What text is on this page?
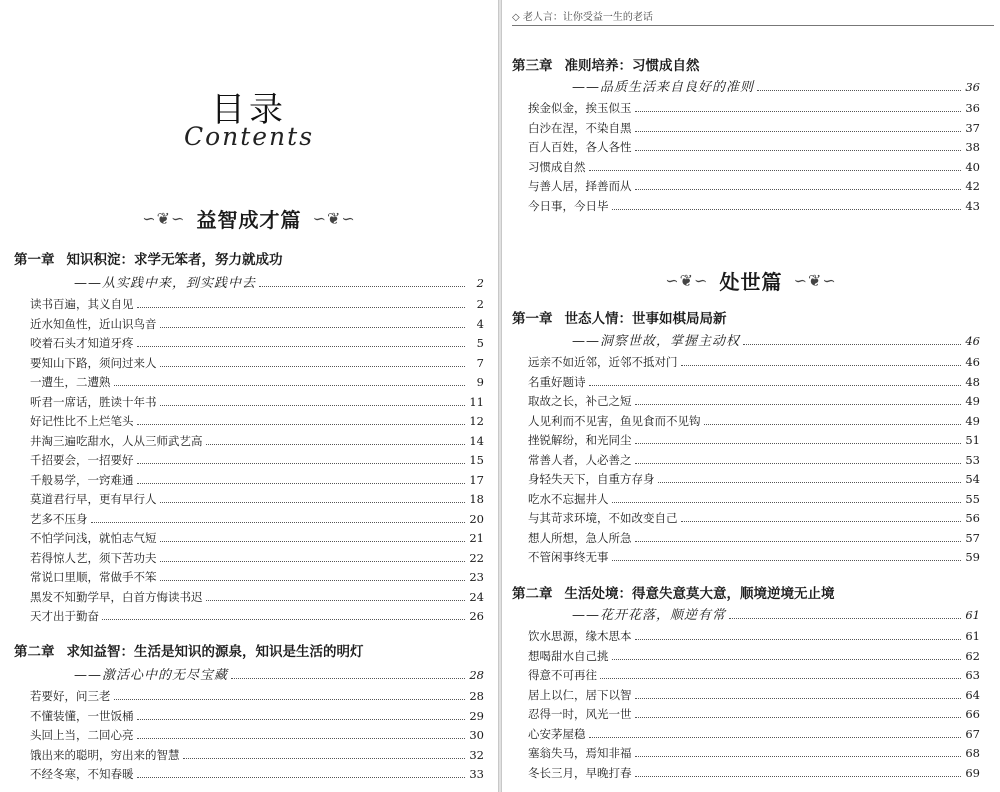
目录
Contents
∽❦∽ 益智成才篇 ∽❦∽
第一章 知识积淀：求学无笨者，努力就成功
——从实践中来，到实践中去	2
读书百遍，其义自见	2
近水知鱼性，近山识鸟音	4
咬着石头才知道牙疼	5
要知山下路，须问过来人	7
一遭生，二遭熟	9
听君一席话，胜读十年书	11
好记性比不上烂笔头	12
井淘三遍吃甜水，人从三师武艺高	14
千招要会，一招要好	15
千般易学，一窍难通	17
莫道君行早，更有早行人	18
艺多不压身	20
不怕学问浅，就怕志气短	21
若得惊人艺，须下苦功夫	22
常说口里顺，常做手不笨	23
黑发不知勤学早，白首方悔读书迟	24
天才出于勤奋	26
第二章 求知益智：生活是知识的源泉，知识是生活的明灯
——激活心中的无尽宝藏	28
若要好，问三老	28
不懂装懂，一世饭桶	29
头回上当，二回心亮	30
饿出来的聪明，穷出来的智慧	32
不经冬寒，不知春暖	33
◇ 老人言：让你受益一生的老话
第三章 准则培养：习惯成自然
——品质生活来自良好的准则	36
挨金似金，挨玉似玉	36
白沙在涅，不染自黑	37
百人百姓，各人各性	38
习惯成自然	40
与善人居，择善而从	42
今日事，今日毕	43
∽❦∽ 处世篇 ∽❦∽
第一章 世态人情：世事如棋局局新
——洞察世故，掌握主动权	46
远亲不如近邻，近邻不抵对门	46
名重好题诗	48
取故之长，补己之短	49
人见利而不见害，鱼见食而不见钩	49
挫锐解纷，和光同尘	51
常善人者，人必善之	53
身轻失天下，自重方存身	54
吃水不忘掘井人	55
与其苛求环境，不如改变自己	56
想人所想，急人所急	57
不管闲事终无事	59
第二章 生活处境：得意失意莫大意，顺境逆境无止境
——花开花落，顺逆有常	61
饮水思源，缘木思本	61
想喝甜水自己挑	62
得意不可再往	63
居上以仁，居下以智	64
忍得一时，风光一世	66
心安茅屋稳	67
塞翁失马，焉知非福	68
冬长三月，早晚打春	69
